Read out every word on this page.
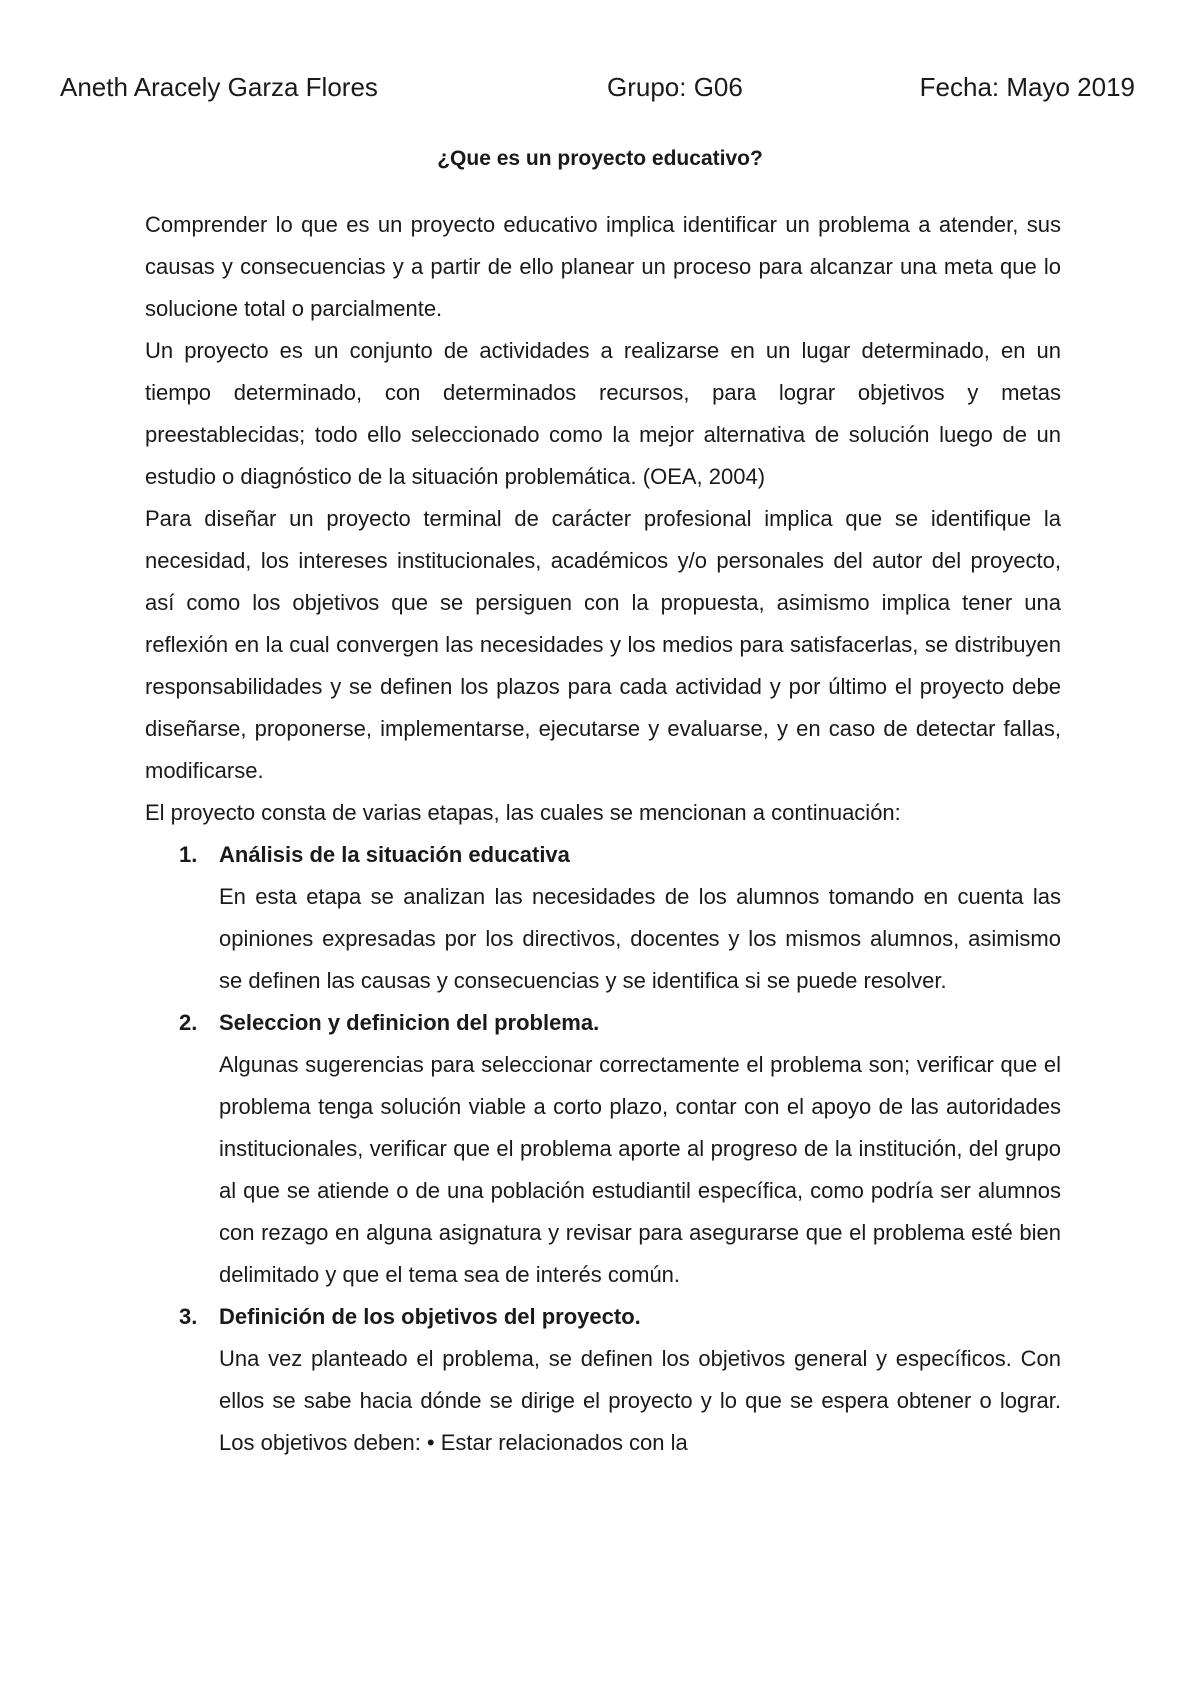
Aneth Aracely Garza Flores	Grupo: G06	Fecha: Mayo 2019
¿Que es un proyecto educativo?

Comprender lo que es un proyecto educativo implica identificar un problema a atender, sus causas y consecuencias y a partir de ello planear un proceso para alcanzar una meta que lo solucione total o parcialmente.

Un proyecto es un conjunto de actividades a realizarse en un lugar determinado, en un tiempo determinado, con determinados recursos, para lograr objetivos y metas preestablecidas; todo ello seleccionado como la mejor alternativa de solución luego de un estudio o diagnóstico de la situación problemática. (OEA, 2004)

Para diseñar un proyecto terminal de carácter profesional implica que se identifique la necesidad, los intereses institucionales, académicos y/o personales del autor del proyecto, así como los objetivos que se persiguen con la propuesta, asimismo implica tener una reflexión en la cual convergen las necesidades y los medios para satisfacerlas, se distribuyen responsabilidades y se definen los plazos para cada actividad y por último el proyecto debe diseñarse, proponerse, implementarse, ejecutarse y evaluarse, y en caso de detectar fallas, modificarse.

El proyecto consta de varias etapas, las cuales se mencionan a continuación:

1. Análisis de la situación educativa
En esta etapa se analizan las necesidades de los alumnos tomando en cuenta las opiniones expresadas por los directivos, docentes y los mismos alumnos, asimismo se definen las causas y consecuencias y se identifica si se puede resolver.
2. Seleccion y definicion del problema.
Algunas sugerencias para seleccionar correctamente el problema son; verificar que el problema tenga solución viable a corto plazo, contar con el apoyo de las autoridades institucionales, verificar que el problema aporte al progreso de la institución, del grupo al que se atiende o de una población estudiantil específica, como podría ser alumnos con rezago en alguna asignatura y revisar para asegurarse que el problema esté bien delimitado y que el tema sea de interés común.
3. Definición de los objetivos del proyecto.
Una vez planteado el problema, se definen los objetivos general y específicos. Con ellos se sabe hacia dónde se dirige el proyecto y lo que se espera obtener o lograr. Los objetivos deben: • Estar relacionados con la
